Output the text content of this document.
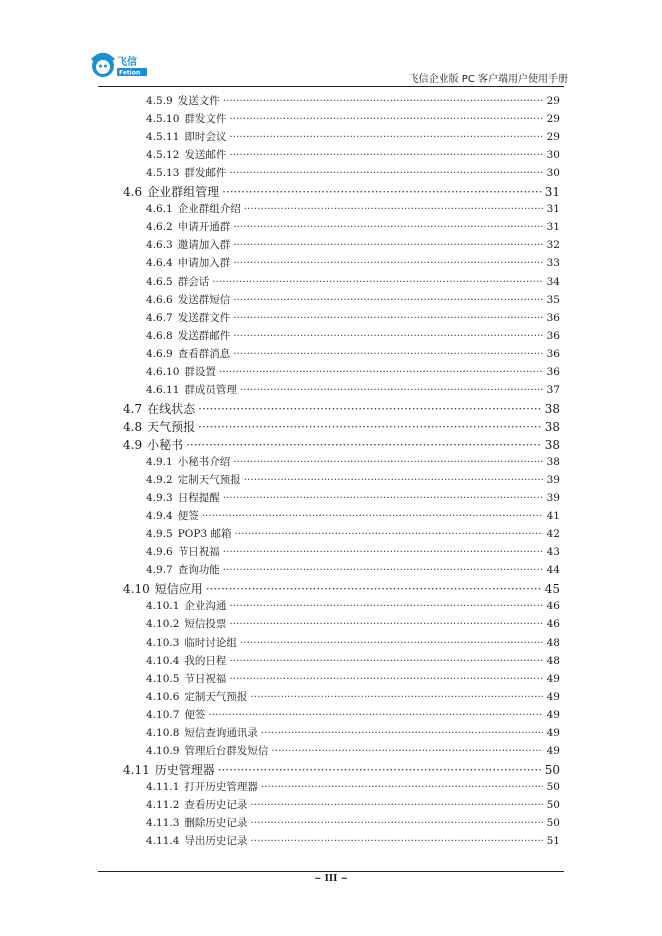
飞信
Fetion
飞信企业版 PC 客户端用户使用手册
4.5.9 发送文件 ·····	29
4.5.10 群发文件 ·····	29
4.5.11 即时会议 ·····	29
4.5.12 发送邮件 ·····	30
4.5.13 群发邮件 ·····	30
4.6 企业群组管理 ·····	31
4.6.1 企业群组介绍 ·····	31
4.6.2 申请开通群 ·····	31
4.6.3 邀请加入群 ·····	32
4.6.4 申请加入群 ·····	33
4.6.5 群会话 ·····	34
4.6.6 发送群短信 ·····	35
4.6.7 发送群文件 ·····	36
4.6.8 发送群邮件 ·····	36
4.6.9 查看群消息 ·····	36
4.6.10 群设置 ·····	36
4.6.11 群成员管理 ·····	37
4.7 在线状态 ·····	38
4.8 天气预报 ·····	38
4.9 小秘书 ·····	38
4.9.1 小秘书介绍 ·····	38
4.9.2 定制天气预报 ·····	39
4.9.3 日程提醒 ·····	39
4.9.4 便签 ·····	41
4.9.5 POP3 邮箱 ·····	42
4.9.6 节日祝福 ·····	43
4.9.7 查询功能 ·····	44
4.10 短信应用 ·····	45
4.10.1 企业沟通 ·····	46
4.10.2 短信投票 ·····	46
4.10.3 临时讨论组 ·····	48
4.10.4 我的日程 ·····	48
4.10.5 节日祝福 ·····	49
4.10.6 定制天气预报 ·····	49
4.10.7 便签 ·····	49
4.10.8 短信查询通讯录 ·····	49
4.10.9 管理后台群发短信 ·····	49
4.11 历史管理器 ·····	50
4.11.1 打开历史管理器 ·····	50
4.11.2 查看历史记录 ·····	50
4.11.3 删除历史记录 ·····	50
4.11.4 导出历史记录 ·····	51
~ III ~
